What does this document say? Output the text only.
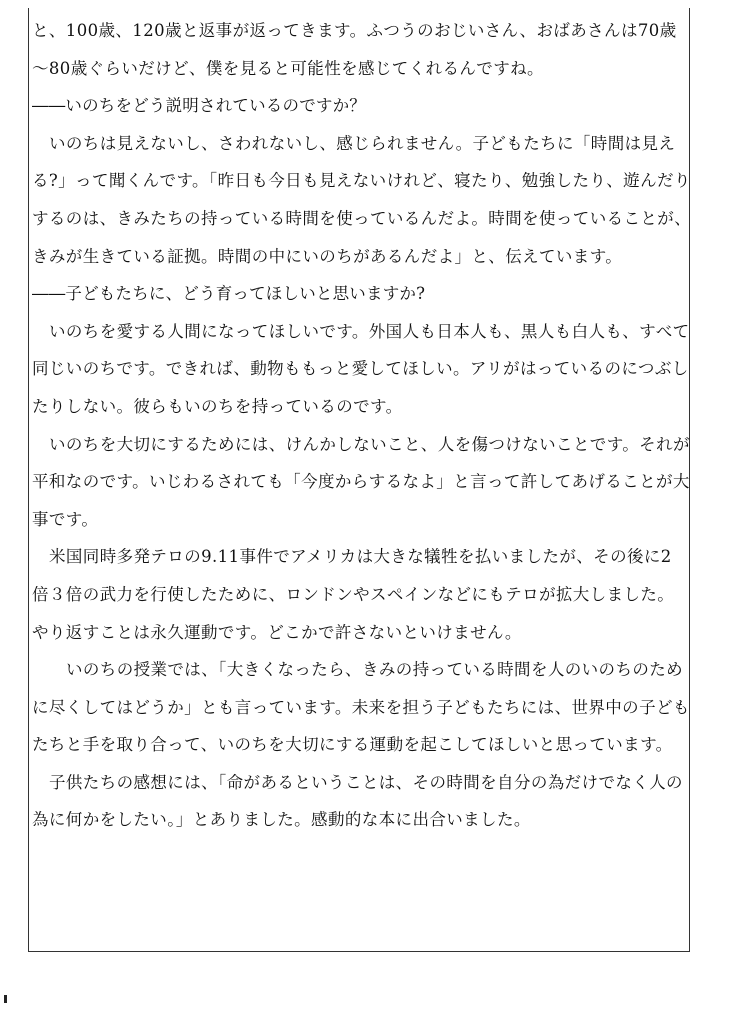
と、100歳、120歳と返事が返ってきます。ふつうのおじいさん、おばあさんは70歳
～80歳ぐらいだけど、僕を見ると可能性を感じてくれるんですね。
――いのちをどう説明されているのですか？
いのちは見えないし、さわれないし、感じられません。子どもたちに「時間は見え
る?」って聞くんです。「昨日も今日も見えないけれど、寝たり、勉強したり、遊んだり
するのは、きみたちの持っている時間を使っているんだよ。時間を使っていることが、
きみが生きている証拠。時間の中にいのちがあるんだよ」と、伝えています。
――子どもたちに、どう育ってほしいと思いますか?
いのちを愛する人間になってほしいです。外国人も日本人も、黒人も白人も、すべて
同じいのちです。できれば、動物ももっと愛してほしい。アリがはっているのにつぶし
たりしない。彼らもいのちを持っているのです。
いのちを大切にするためには、けんかしないこと、人を傷つけないことです。それが
平和なのです。いじわるされても「今度からするなよ」と言って許してあげることが大
事です。
米国同時多発テロの9.11事件でアメリカは大きな犠牲を払いましたが、その後に2
倍３倍の武力を行使したために、ロンドンやスペインなどにもテロが拡大しました。
やり返すことは永久運動です。どこかで許さないといけません。
いのちの授業では、「大きくなったら、きみの持っている時間を人のいのちのため
に尽くしてはどうか」とも言っています。未来を担う子どもたちには、世界中の子ども
たちと手を取り合って、いのちを大切にする運動を起こしてほしいと思っています。
子供たちの感想には、「命があるということは、その時間を自分の為だけでなく人の
為に何かをしたい。」とありました。感動的な本に出合いました。
